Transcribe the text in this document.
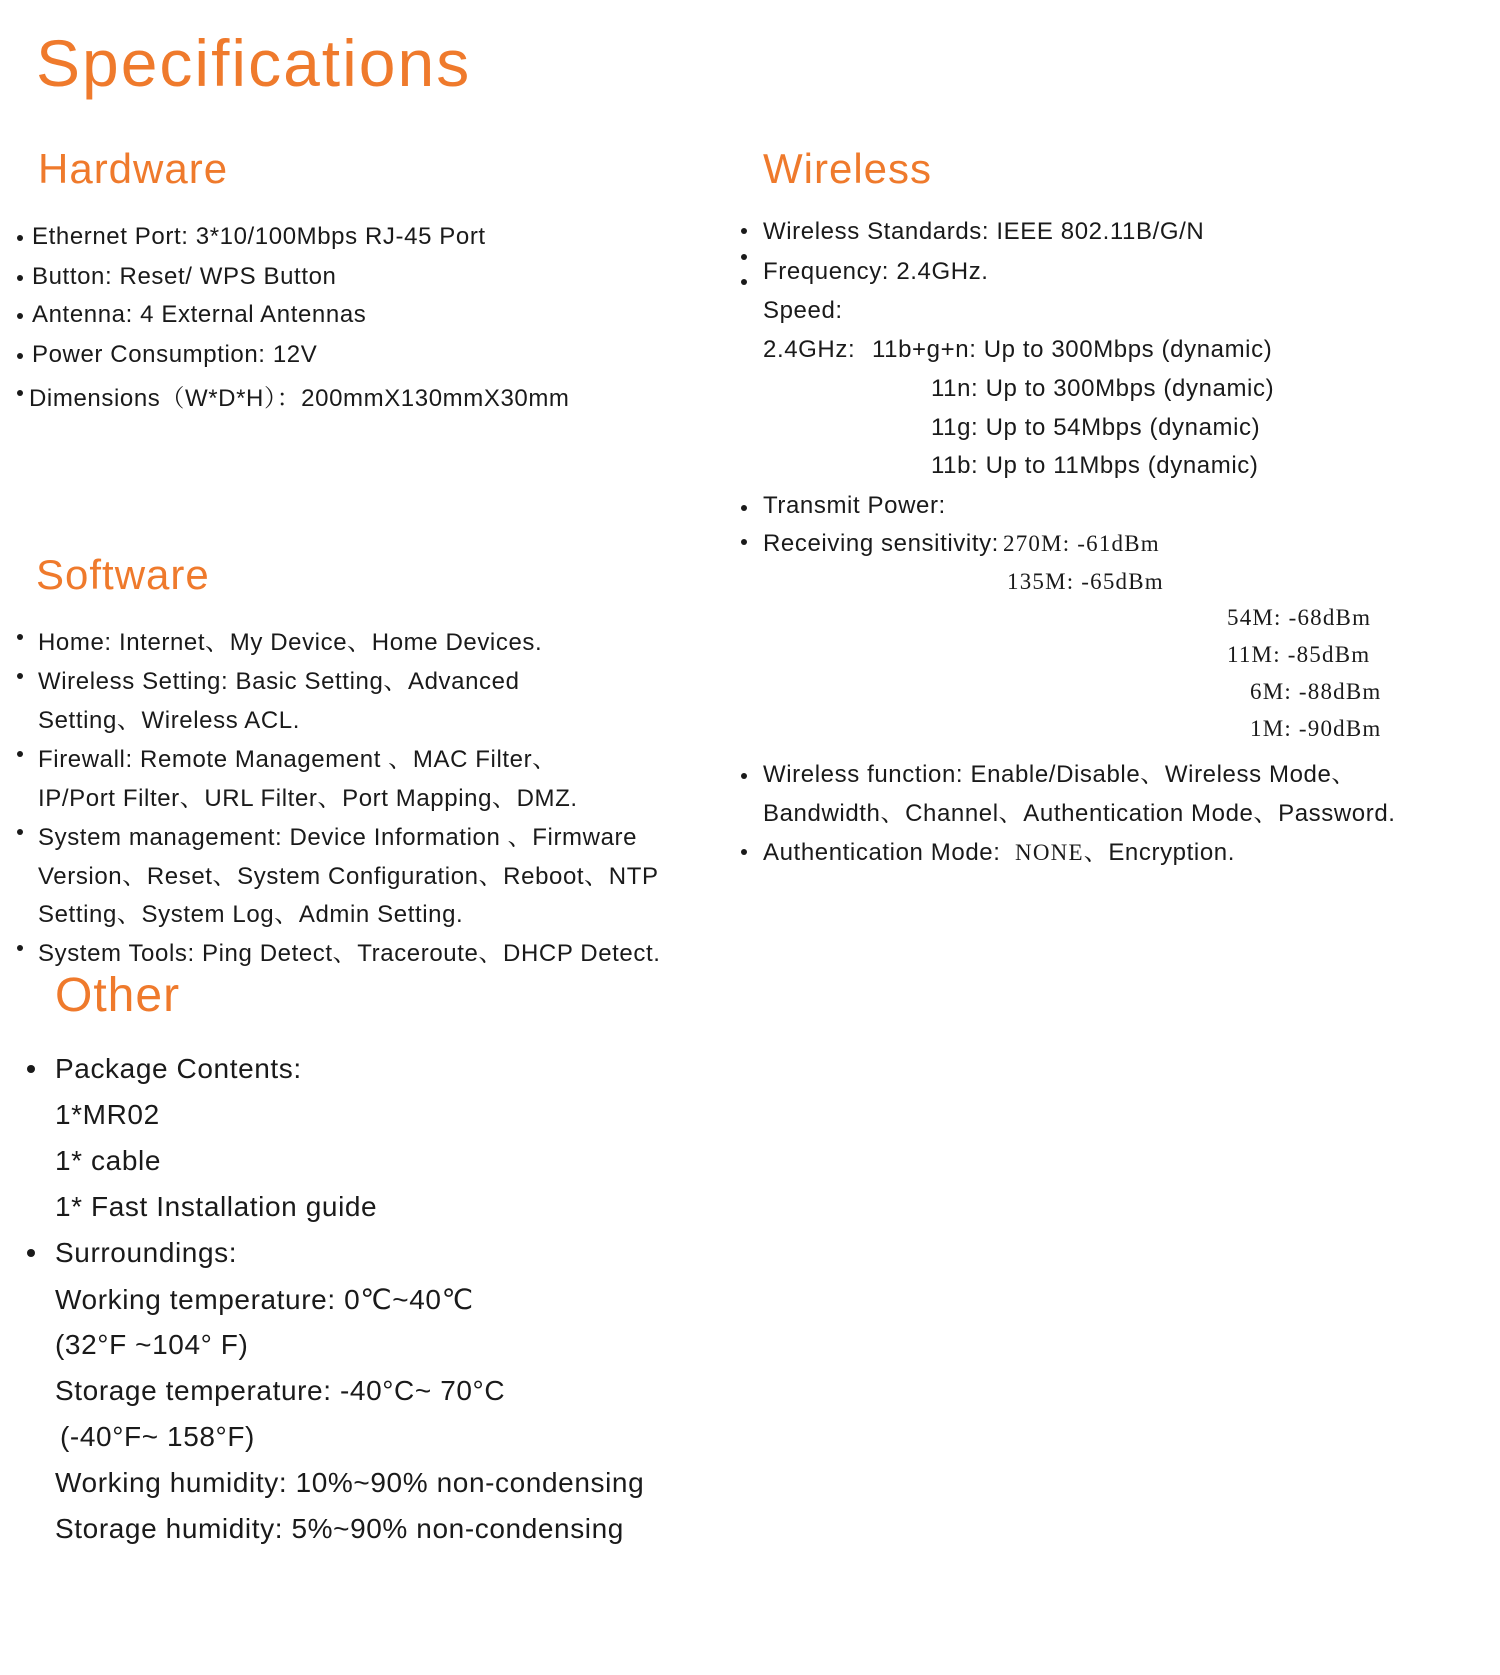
Specifications
Hardware
Ethernet Port: 3*10/100Mbps RJ-45 Port
Button: Reset/ WPS Button
Antenna: 4 External Antennas
Power Consumption: 12V
Dimensions（W*D*H）：200mmX130mmX30mm
Software
Home: Internet、My Device、Home Devices.
Wireless Setting: Basic Setting、Advanced
Setting、Wireless ACL.
Firewall: Remote Management 、MAC Filter、
IP/Port Filter、URL Filter、Port Mapping、DMZ.
System management: Device Information 、Firmware
Version、Reset、System Configuration、Reboot、NTP
Setting、System Log、Admin Setting.
System Tools: Ping Detect、Traceroute、DHCP Detect.
Other
Package Contents:
1*MR02
1* cable
1* Fast Installation guide
Surroundings:
Working temperature: 0℃~40℃
(32°F ~104° F)
Storage temperature: -40°C~ 70°C
(-40°F~ 158°F)
Working humidity: 10%~90% non-condensing
Storage humidity: 5%~90% non-condensing
Wireless
Wireless Standards: IEEE 802.11B/G/N
Frequency: 2.4GHz.
Speed:
2.4GHz: 11b+g+n: Up to 300Mbps (dynamic)
11n: Up to 300Mbps (dynamic)
11g: Up to 54Mbps (dynamic)
11b: Up to 11Mbps (dynamic)
Transmit Power:
Receiving sensitivity: 270M: -61dBm
135M: -65dBm
54M: -68dBm
11M: -85dBm
6M: -88dBm
1M: -90dBm
Wireless function: Enable/Disable、Wireless Mode、
Bandwidth、Channel、Authentication Mode、Password.
Authentication Mode:  NONE、Encryption.
